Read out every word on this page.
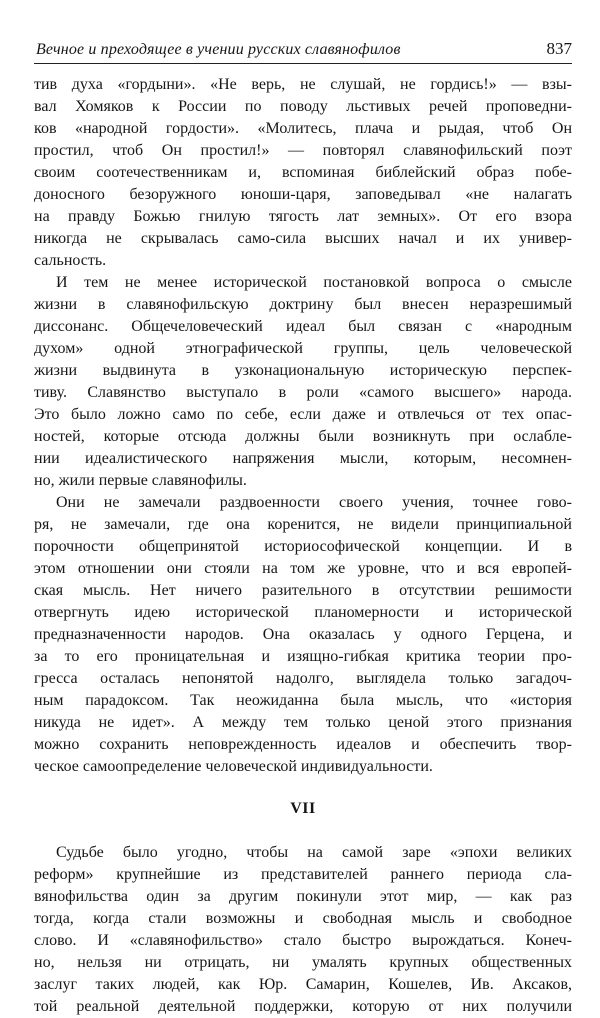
Вечное и преходящее в учении русских славянофилов	837

тив духа «гордыни». «Не верь, не слушай, не гордись!» — взы-
вал Хомяков к России по поводу льстивых речей проповедни-
ков «народной гордости». «Молитесь, плача и рыдая, чтоб Он
простил, чтоб Он простил!» — повторял славянофильский поэт
своим соотечественникам и, вспоминая библейский образ побе-
доносного безоружного юноши-царя, заповедывал «не налагать
на правду Божью гнилую тягость лат земных». От его взора
никогда не скрывалась само-сила высших начал и их универ-
сальность.

И тем не менее исторической постановкой вопроса о смысле
жизни в славянофильскую доктрину был внесен неразрешимый
диссонанс. Общечеловеческий идеал был связан с «народным
духом» одной этнографической группы, цель человеческой
жизни выдвинута в узконациональную историческую перспек-
тиву. Славянство выступало в роли «самого высшего» народа.
Это было ложно само по себе, если даже и отвлечься от тех опас-
ностей, которые отсюда должны были возникнуть при ослабле-
нии идеалистического напряжения мысли, которым, несомнен-
но, жили первые славянофилы.

Они не замечали раздвоенности своего учения, точнее гово-
ря, не замечали, где она коренится, не видели принципиальной
порочности общепринятой историософической концепции. И в
этом отношении они стояли на том же уровне, что и вся европей-
ская мысль. Нет ничего разительного в отсутствии решимости
отвергнуть идею исторической планомерности и исторической
предназначенности народов. Она оказалась у одного Герцена, и
за то его проницательная и изящно-гибкая критика теории про-
гресса осталась непонятой надолго, выглядела только загадоч-
ным парадоксом. Так неожиданна была мысль, что «история
никуда не идет». А между тем только ценой этого признания
можно сохранить неповрежденность идеалов и обеспечить твор-
ческое самоопределение человеческой индивидуальности.

VII

Судьбе было угодно, чтобы на самой заре «эпохи великих
реформ» крупнейшие из представителей раннего периода сла-
вянофильства один за другим покинули этот мир, — как раз
тогда, когда стали возможны и свободная мысль и свободное
слово. И «славянофильство» стало быстро вырождаться. Конеч-
но, нельзя ни отрицать, ни умалять крупных общественных
заслуг таких людей, как Юр. Самарин, Кошелев, Ив. Аксаков,
той реальной деятельной поддержки, которую от них получили
